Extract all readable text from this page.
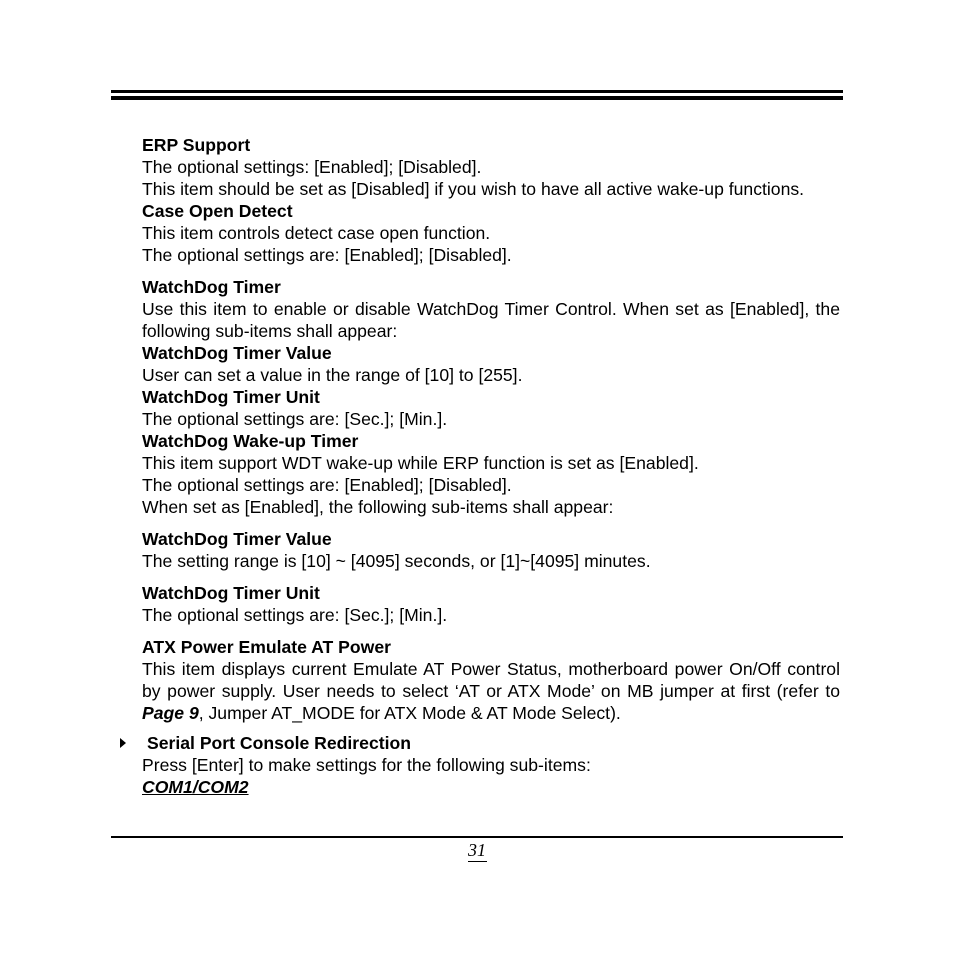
ERP Support

The optional settings: [Enabled]; [Disabled].

This item should be set as [Disabled] if you wish to have all active wake-up functions.

Case Open Detect

This item controls detect case open function.

The optional settings are: [Enabled]; [Disabled].

WatchDog Timer

Use this item to enable or disable WatchDog Timer Control. When set as [Enabled], the following sub-items shall appear:

WatchDog Timer Value

User can set a value in the range of [10] to [255].

WatchDog Timer Unit

The optional settings are: [Sec.]; [Min.].

WatchDog Wake-up Timer

This item support WDT wake-up while ERP function is set as [Enabled].

The optional settings are: [Enabled]; [Disabled].

When set as [Enabled], the following sub-items shall appear:

WatchDog Timer Value

The setting range is [10] ~ [4095] seconds, or [1]~[4095] minutes.

WatchDog Timer Unit

The optional settings are: [Sec.]; [Min.].

ATX Power Emulate AT Power

This item displays current Emulate AT Power Status, motherboard power On/Off control by power supply. User needs to select ‘AT or ATX Mode’ on MB jumper at first (refer to Page 9, Jumper AT_MODE for ATX Mode & AT Mode Select).

Serial Port Console Redirection

Press [Enter] to make settings for the following sub-items:

COM1/COM2

31
